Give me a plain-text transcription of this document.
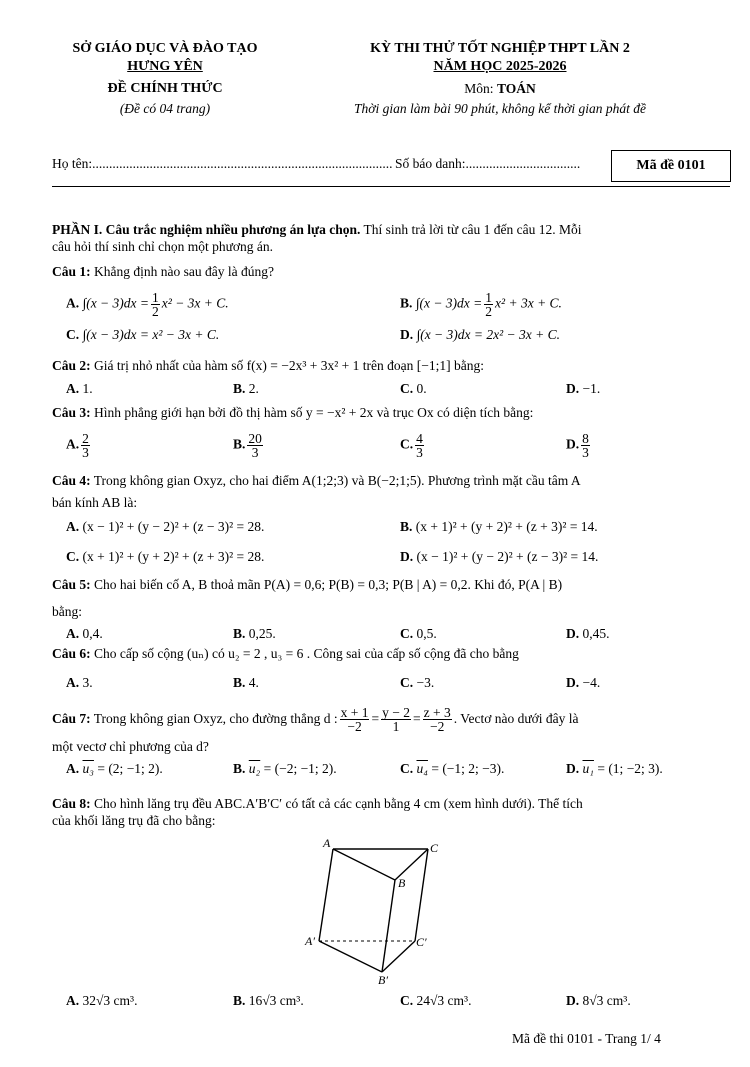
SỞ GIÁO DỤC VÀ ĐÀO TẠO
HƯNG YÊN
ĐỀ CHÍNH THỨC
(Đề có 04 trang)
KỲ THI THỬ TỐT NGHIỆP THPT LẦN 2
NĂM HỌC 2025-2026
Môn: TOÁN
Thời gian làm bài 90 phút, không kể thời gian phát đề
Họ tên:......................................................................................... Số báo danh:..................................	Mã đề 0101
PHẦN I. Câu trắc nghiệm nhiều phương án lựa chọn. Thí sinh trả lời từ câu 1 đến câu 12. Mỗi
câu hỏi thí sinh chỉ chọn một phương án.
Câu 1: Khẳng định nào sau đây là đúng?
A. $\int(x - 3)dx = \frac{1}{2} x^2 - 3x + C$.	B. $\int(x - 3)dx = \frac{1}{2} x^2 + 3x + C$.
C. ∫(x − 3)dx = x² − 3x + C.	D. ∫(x − 3)dx = 2x² − 3x + C.
Câu 2: Giá trị nhỏ nhất của hàm số f(x) = −2x³ + 3x² + 1 trên đoạn [−1;1] bằng:
A. 1.	B. 2.	C. 0.	D. −1.
Câu 3: Hình phẳng giới hạn bởi đồ thị hàm số y = −x² + 2x và trục Ox có diện tích bằng:
A. $\frac{2}{3}$	B. $\frac{20}{3}$	C. $\frac{4}{3}$	D. $\frac{8}{3}$
Câu 4: Trong không gian Oxyz, cho hai điểm A(1;2;3) và B(−2;1;5). Phương trình mặt cầu tâm A
bán kính AB là:
A. (x − 1)² + (y − 2)² + (z − 3)² = 28.	B. (x + 1)² + (y + 2)² + (z + 3)² = 14.
C. (x + 1)² + (y + 2)² + (z + 3)² = 28.	D. (x − 1)² + (y − 2)² + (z − 3)² = 14.
Câu 5: Cho hai biến cố A, B thoả mãn P(A) = 0,6; P(B) = 0,3; P(B | A) = 0,2. Khi đó, P(A | B)
bằng:
A. 0,4.	B. 0,25.	C. 0,5.	D. 0,45.
Câu 6: Cho cấp số cộng (uₙ) có u₂ = 2 , u₃ = 6 . Công sai của cấp số cộng đã cho bằng
A. 3.	B. 4.	C. −3.	D. −4.
Câu 7: Trong không gian Oxyz, cho đường thẳng d : $\frac{x + 1}{-2} = \frac{y - 2}{1} = \frac{z + 3}{-2}$ . Vectơ nào dưới đây là
một vectơ chỉ phương của d?
A. u₃ = (2; −1; 2).	B. u₂ = (−2; −1; 2).	C. u₄ = (−1; 2; −3).	D. u₁ = (1; −2; 3).
Câu 8: Cho hình lăng trụ đều ABC.A′B′C′ có tất cả các cạnh bằng 4 cm (xem hình dưới). Thể tích
của khối lăng trụ đã cho bằng:
A	C
B
A′	C′
B′
A. 32√3 cm³.	B. 16√3 cm³.	C. 24√3 cm³.	D. 8√3 cm³.
Mã đề thi 0101 - Trang 1/ 4
